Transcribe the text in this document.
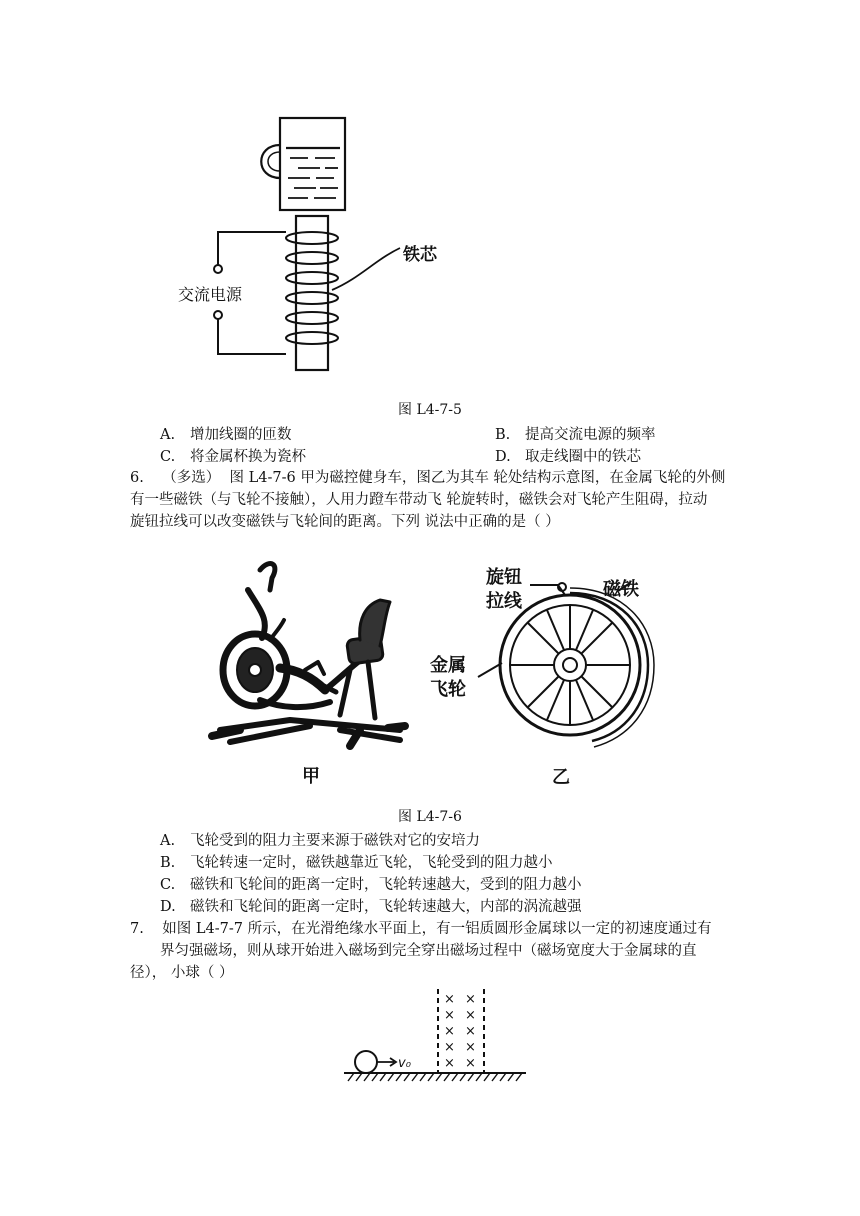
铁芯
交流电源
图 L4-7-5
A. 增加线圈的匝数	B. 提高交流电源的频率
C. 将金属杯换为瓷杯	D. 取走线圈中的铁芯
6. （多选） 图 L4-7-6 甲为磁控健身车，图乙为其车 轮处结构示意图，在金属飞轮的外侧
有一些磁铁（与飞轮不接触），人用力蹬车带动飞 轮旋转时，磁铁会对飞轮产生阻碍，拉动
旋钮拉线可以改变磁铁与飞轮间的距离。下列 说法中正确的是（ ）
甲
旋钮
拉线
磁铁
金属
飞轮
乙
图 L4-7-6
A. 飞轮受到的阻力主要来源于磁铁对它的安培力
B. 飞轮转速一定时，磁铁越靠近飞轮，飞轮受到的阻力越小
C. 磁铁和飞轮间的距离一定时，飞轮转速越大，受到的阻力越小
D. 磁铁和飞轮间的距离一定时，飞轮转速越大，内部的涡流越强
7. 如图 L4-7-7 所示，在光滑绝缘水平面上，有一铝质圆形金属球以一定的初速度通过有
界匀强磁场，则从球开始进入磁场到完全穿出磁场过程中（磁场宽度大于金属球的直
径）， 小球（ ）
v₀
× ×
× ×
× ×
× ×
× ×
